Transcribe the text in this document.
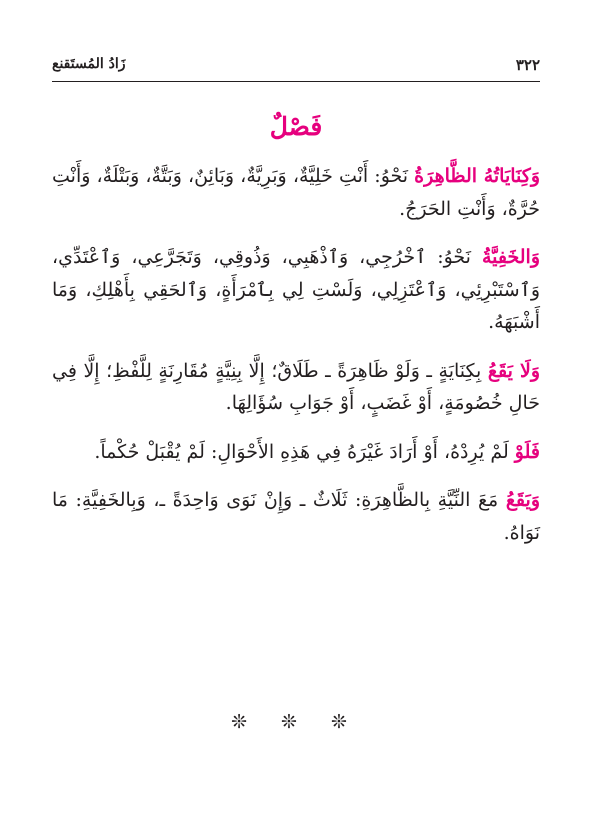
٣٢٢
زَادُ المُستَقنع
فَصْلٌ

وَكِنَايَاتُهُ الظَّاهِرَةُ نَحْوُ: أَنْتِ خَلِيَّةٌ، وَبَرِيَّةٌ، وَبَائِنٌ، وَبَتَّةٌ، وَبَتْلَةٌ، وَأَنْتِ حُرَّةٌ، وَأَنْتِ الحَرَجُ.

وَالخَفِيَّةُ نَحْوُ: ٱخْرُجِي، وَٱذْهَبِي، وَذُوقِي، وَتَجَرَّعِي، وَٱعْتَدِّي، وَٱسْتَبْرِئِي، وَٱعْتَزِلِي، وَلَسْتِ لِي بِٱمْرَأَةٍ، وَٱلحَقِي بِأَهْلِكِ، وَمَا أَشْبَهَهُ.

وَلَا يَقَعُ بِكِنَايَةٍ ـ وَلَوْ ظَاهِرَةً ـ طَلَاقٌ؛ إِلَّا بِنِيَّةٍ مُقَارِنَةٍ لِلَّفْظِ؛ إِلَّا فِي حَالِ خُصُومَةٍ، أَوْ غَضَبٍ، أَوْ جَوَابِ سُؤَالِهَا.

فَلَوْ لَمْ يُرِدْهُ، أَوْ أَرَادَ غَيْرَهُ فِي هَذِهِ الأَحْوَالِ: لَمْ يُقْبَلْ حُكْماً.

وَيَقَعُ مَعَ النِّيَّةِ بِالظَّاهِرَةِ: ثَلَاثٌ ـ وَإِنْ نَوَى وَاحِدَةً ـ، وَبِالخَفِيَّةِ: مَا نَوَاهُ.

❊ ❊ ❊
